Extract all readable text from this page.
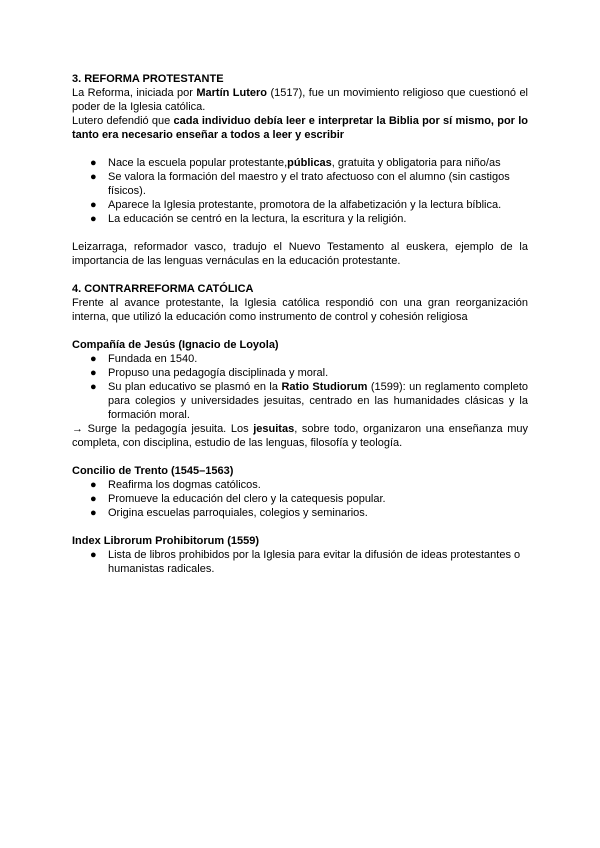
3. REFORMA PROTESTANTE

La Reforma, iniciada por Martín Lutero (1517), fue un movimiento religioso que cuestionó el poder de la Iglesia católica.

Lutero defendió que cada individuo debía leer e interpretar la Biblia por sí mismo, por lo tanto era necesario enseñar a todos a leer y escribir

● Nace la escuela popular protestante,públicas, gratuita y obligatoria para niño/as
● Se valora la formación del maestro y el trato afectuoso con el alumno (sin castigos físicos).
● Aparece la Iglesia protestante, promotora de la alfabetización y la lectura bíblica.
● La educación se centró en la lectura, la escritura y la religión.

Leizarraga, reformador vasco, tradujo el Nuevo Testamento al euskera, ejemplo de la importancia de las lenguas vernáculas en la educación protestante.

4. CONTRARREFORMA CATÓLICA

Frente al avance protestante, la Iglesia católica respondió con una gran reorganización interna, que utilizó la educación como instrumento de control y cohesión religiosa

Compañía de Jesús (Ignacio de Loyola)

● Fundada en 1540.
● Propuso una pedagogía disciplinada y moral.
● Su plan educativo se plasmó en la Ratio Studiorum (1599): un reglamento completo para colegios y universidades jesuitas, centrado en las humanidades clásicas y la formación moral.

→ Surge la pedagogía jesuita. Los jesuitas, sobre todo, organizaron una enseñanza muy completa, con disciplina, estudio de las lenguas, filosofía y teología.

Concilio de Trento (1545–1563)

● Reafirma los dogmas católicos.
● Promueve la educación del clero y la catequesis popular.
● Origina escuelas parroquiales, colegios y seminarios.

Index Librorum Prohibitorum (1559)

● Lista de libros prohibidos por la Iglesia para evitar la difusión de ideas protestantes o humanistas radicales.
